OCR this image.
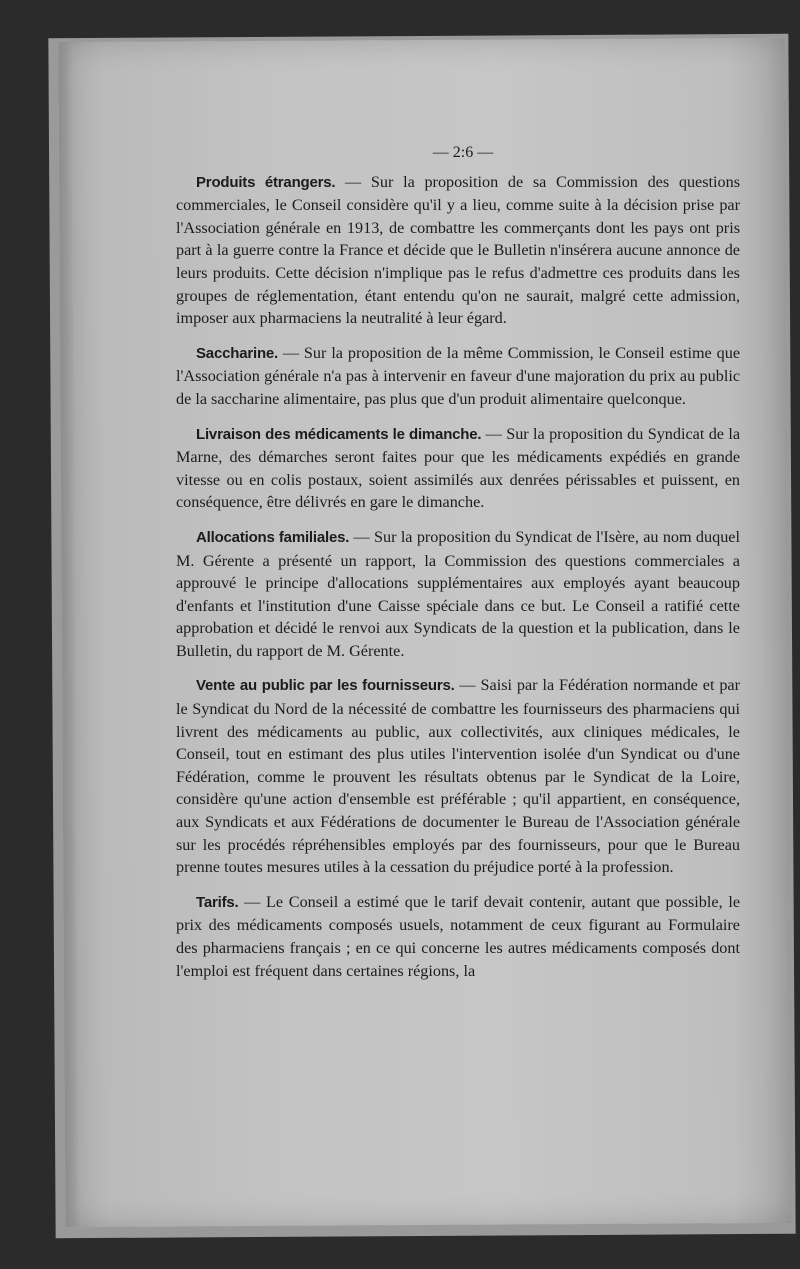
— 2:6 —

Produits étrangers. — Sur la proposition de sa Commission des questions commerciales, le Conseil considère qu'il y a lieu, comme suite à la décision prise par l'Association générale en 1913, de combattre les commerçants dont les pays ont pris part à la guerre contre la France et décide que le Bulletin n'insérera aucune annonce de leurs produits. Cette décision n'implique pas le refus d'admettre ces produits dans les groupes de réglementation, étant entendu qu'on ne saurait, malgré cette admission, imposer aux pharmaciens la neutralité à leur égard.

Saccharine. — Sur la proposition de la même Commission, le Conseil estime que l'Association générale n'a pas à intervenir en faveur d'une majoration du prix au public de la saccharine alimentaire, pas plus que d'un produit alimentaire quelconque.

Livraison des médicaments le dimanche. — Sur la proposition du Syndicat de la Marne, des démarches seront faites pour que les médicaments expédiés en grande vitesse ou en colis postaux, soient assimilés aux denrées périssables et puissent, en conséquence, être délivrés en gare le dimanche.

Allocations familiales. — Sur la proposition du Syndicat de l'Isère, au nom duquel M. Gérente a présenté un rapport, la Commission des questions commerciales a approuvé le principe d'allocations supplémentaires aux employés ayant beaucoup d'enfants et l'institution d'une Caisse spéciale dans ce but. Le Conseil a ratifié cette approbation et décidé le renvoi aux Syndicats de la question et la publication, dans le Bulletin, du rapport de M. Gérente.

Vente au public par les fournisseurs. — Saisi par la Fédération normande et par le Syndicat du Nord de la nécessité de combattre les fournisseurs des pharmaciens qui livrent des médicaments au public, aux collectivités, aux cliniques médicales, le Conseil, tout en estimant des plus utiles l'intervention isolée d'un Syndicat ou d'une Fédération, comme le prouvent les résultats obtenus par le Syndicat de la Loire, considère qu'une action d'ensemble est préférable ; qu'il appartient, en conséquence, aux Syndicats et aux Fédérations de documenter le Bureau de l'Association générale sur les procédés répréhensibles employés par des fournisseurs, pour que le Bureau prenne toutes mesures utiles à la cessation du préjudice porté à la profession.

Tarifs. — Le Conseil a estimé que le tarif devait contenir, autant que possible, le prix des médicaments composés usuels, notamment de ceux figurant au Formulaire des pharmaciens français ; en ce qui concerne les autres médicaments composés dont l'emploi est fréquent dans certaines régions, la
